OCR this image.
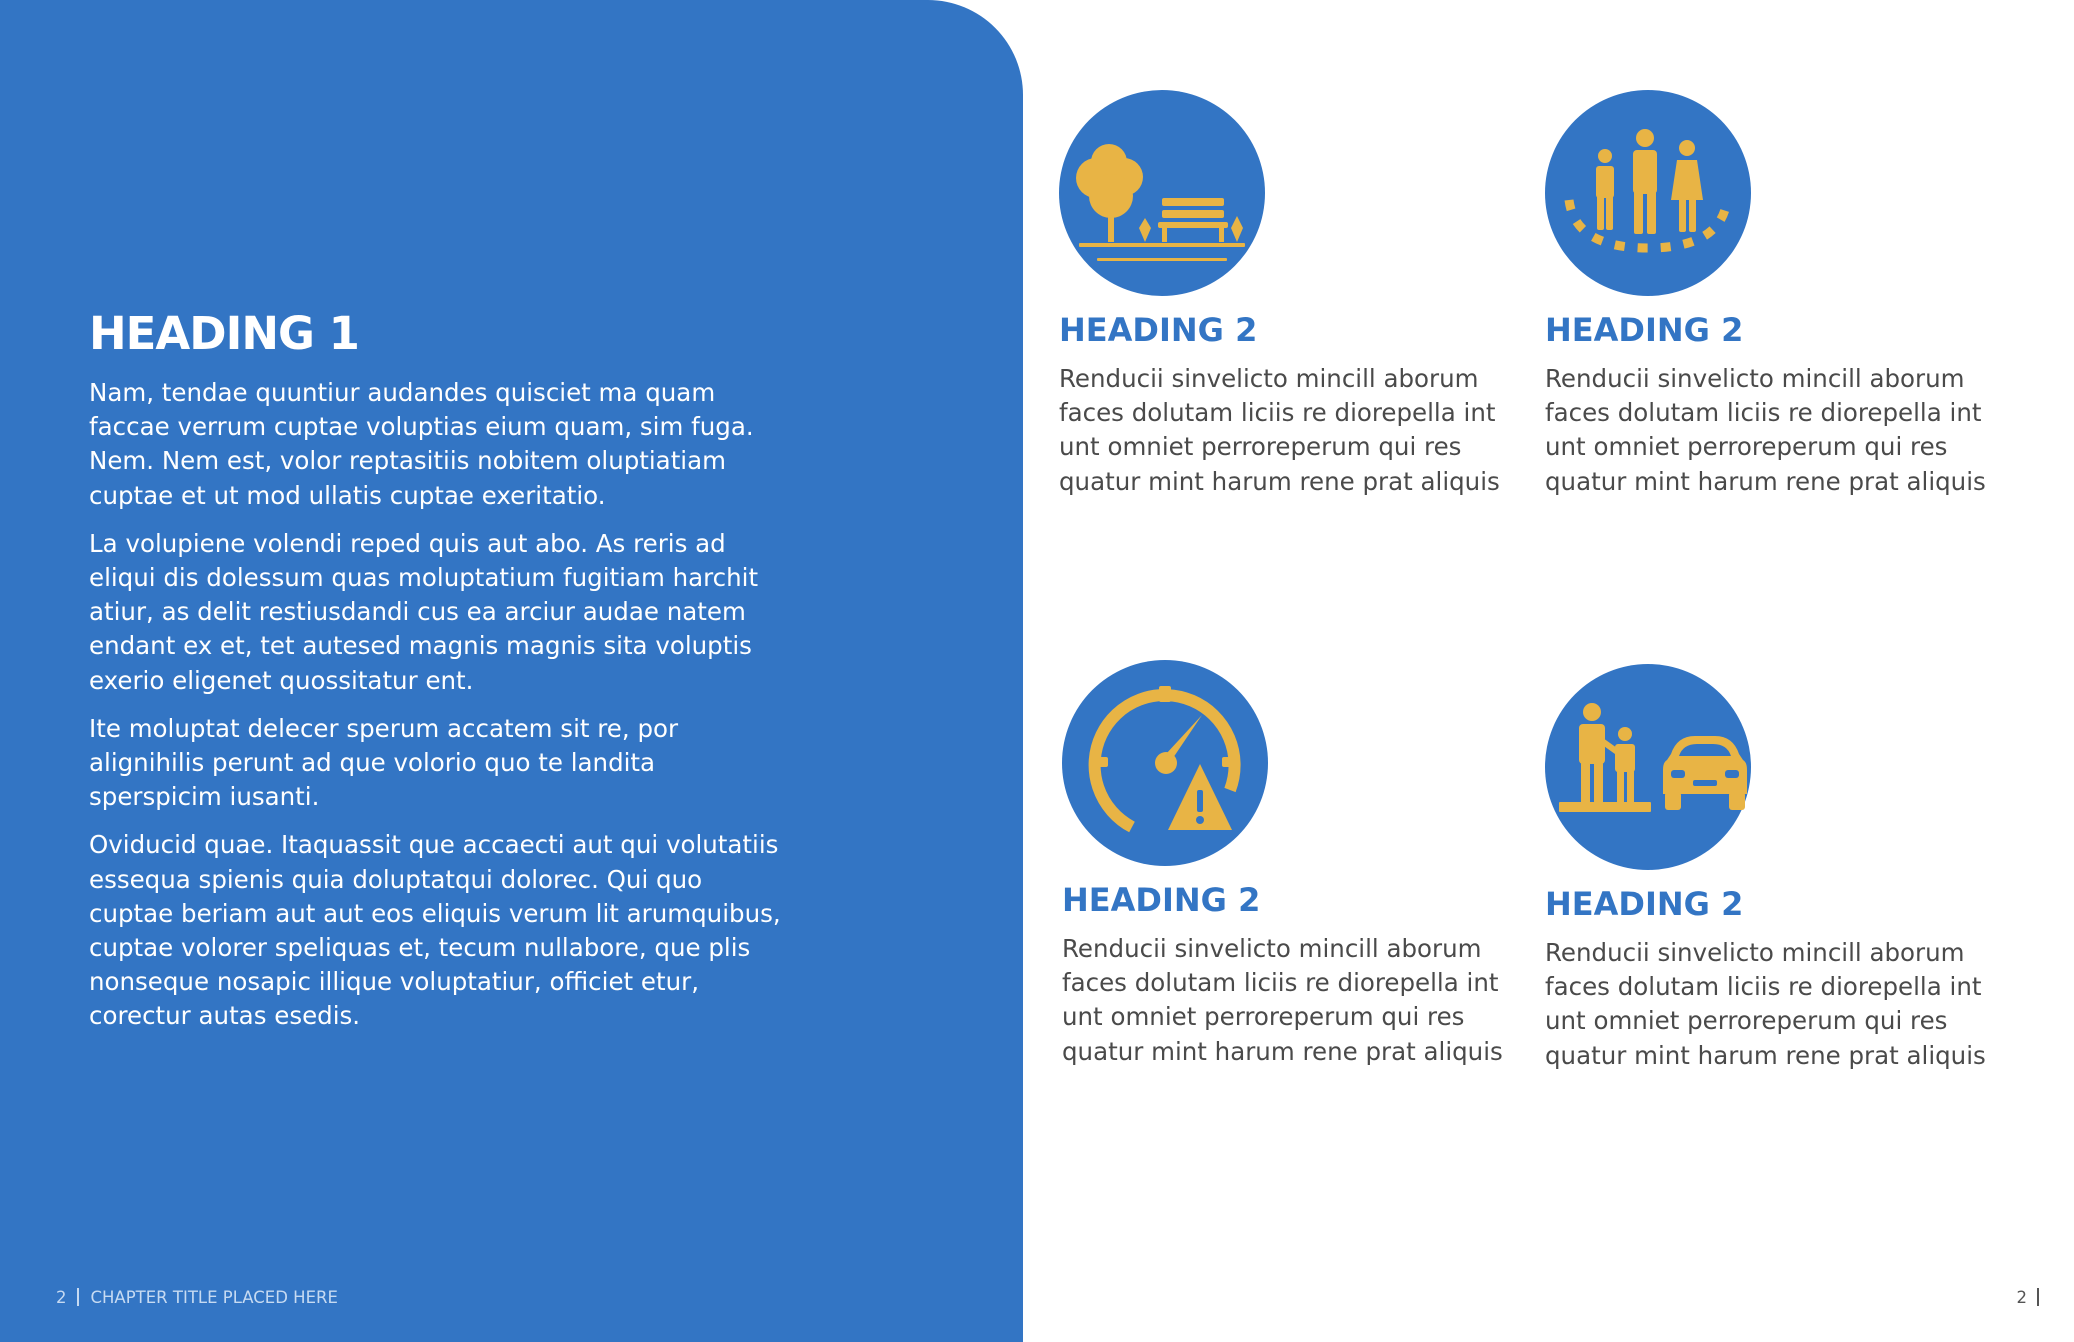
HEADING 1

Nam, tendae quuntiur audandes quisciet ma quam faccae verrum cuptae voluptias eium quam, sim fuga. Nem. Nem est, volor reptasitiis nobitem oluptiatiam cuptae et ut mod ullatis cuptae exeritatio.

La volupiene volendi reped quis aut abo. As reris ad eliqui dis dolessum quas moluptatium fugitiam harchit atiur, as delit restiusdandi cus ea arciur audae natem endant ex et, tet autesed magnis magnis sita voluptis exerio eligenet quossitatur ent.

Ite moluptat delecer sperum accatem sit re, por alignihilis perunt ad que volorio quo te landita sperspicim iusanti.

Oviducid quae. Itaquassit que accaecti aut qui volutatiis essequa spienis quia doluptatqui dolorec. Qui quo cuptae beriam aut aut eos eliquis verum lit arumquibus, cuptae volorer speliquas et, tecum nullabore, que plis nonseque nosapic illique voluptatiur, officiet etur, corectur autas esedis.

2 CHAPTER TITLE PLACED HERE
HEADING 2

Renducii sinvelicto mincill aborum faces dolutam liciis re diorepella int unt omniet perroreperum qui res quatur mint harum rene prat aliquis

HEADING 2

Renducii sinvelicto mincill aborum faces dolutam liciis re diorepella int unt omniet perroreperum qui res quatur mint harum rene prat aliquis

HEADING 2

Renducii sinvelicto mincill aborum faces dolutam liciis re diorepella int unt omniet perroreperum qui res quatur mint harum rene prat aliquis

HEADING 2

Renducii sinvelicto mincill aborum faces dolutam liciis re diorepella int unt omniet perroreperum qui res quatur mint harum rene prat aliquis

2
